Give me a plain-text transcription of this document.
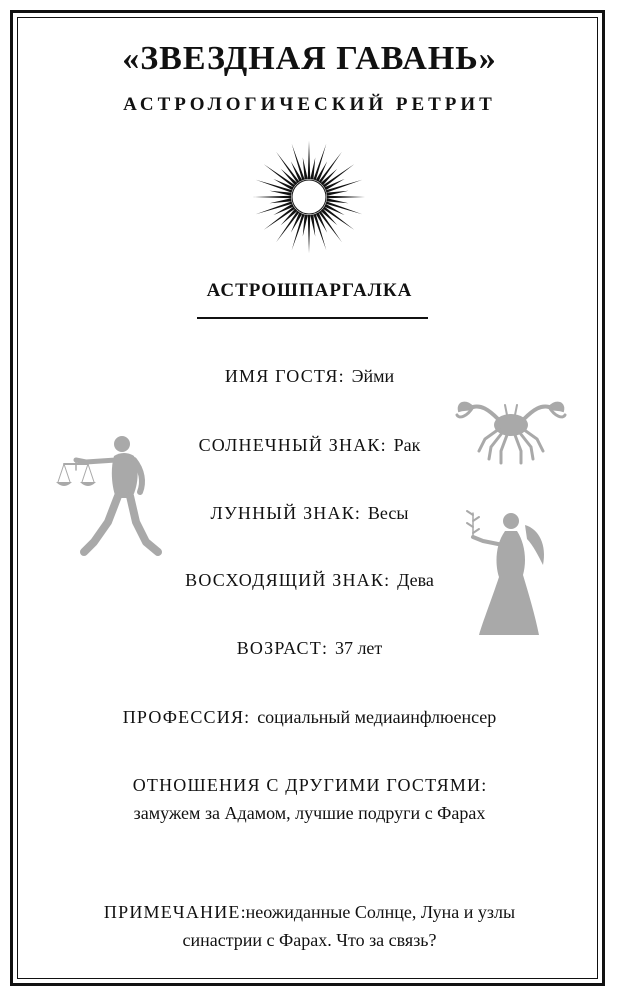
«ЗВЕЗДНАЯ ГАВАНЬ»
АСТРОЛОГИЧЕСКИЙ РЕТРИТ
АСТРОШПАРГАЛКА
ИМЯ ГОСТЯ: Эйми
СОЛНЕЧНЫЙ ЗНАК: Рак
ЛУННЫЙ ЗНАК: Весы
ВОСХОДЯЩИЙ ЗНАК: Дева
ВОЗРАСТ: 37 лет
ПРОФЕССИЯ: социальный медиаинфлюенсер
ОТНОШЕНИЯ С ДРУГИМИ ГОСТЯМИ:
замужем за Адамом, лучшие подруги с Фарах
ПРИМЕЧАНИЕ:неожиданные Солнце, Луна и узлы
синастрии с Фарах. Что за связь?
